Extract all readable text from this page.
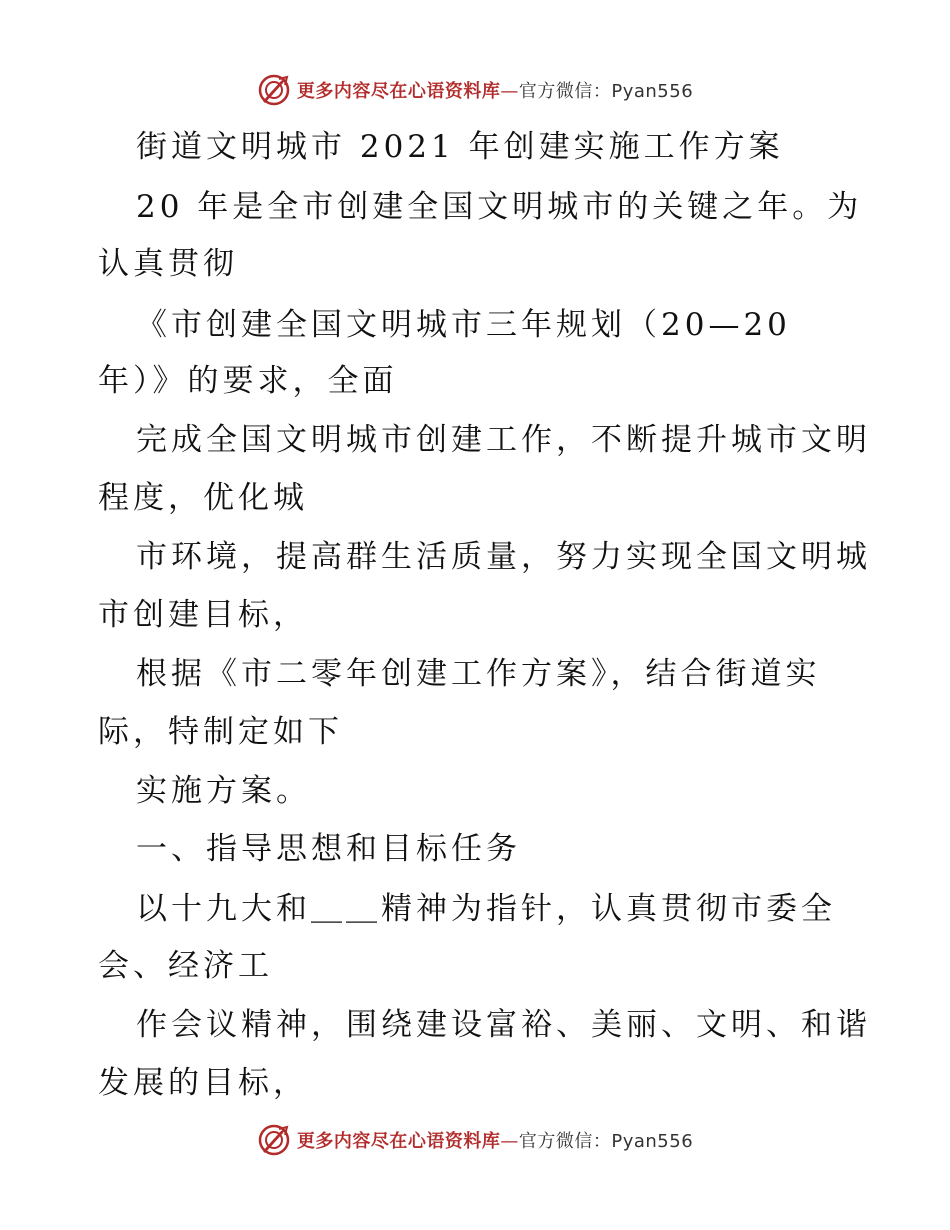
更多内容尽在心语资料库—官方微信：Pyan556
街道文明城市 2021 年创建实施工作方案
20 年是全市创建全国文明城市的关键之年。为
认真贯彻
《市创建全国文明城市三年规划（20—20
年）》的要求，全面
完成全国文明城市创建工作，不断提升城市文明
程度，优化城
市环境，提高群生活质量，努力实现全国文明城
市创建目标，
根据《市二零年创建工作方案》，结合街道实
际，特制定如下
实施方案。
一、指导思想和目标任务
以十九大和＿＿精神为指针，认真贯彻市委全
会、经济工
作会议精神，围绕建设富裕、美丽、文明、和谐
发展的目标，
更多内容尽在心语资料库—官方微信：Pyan556
